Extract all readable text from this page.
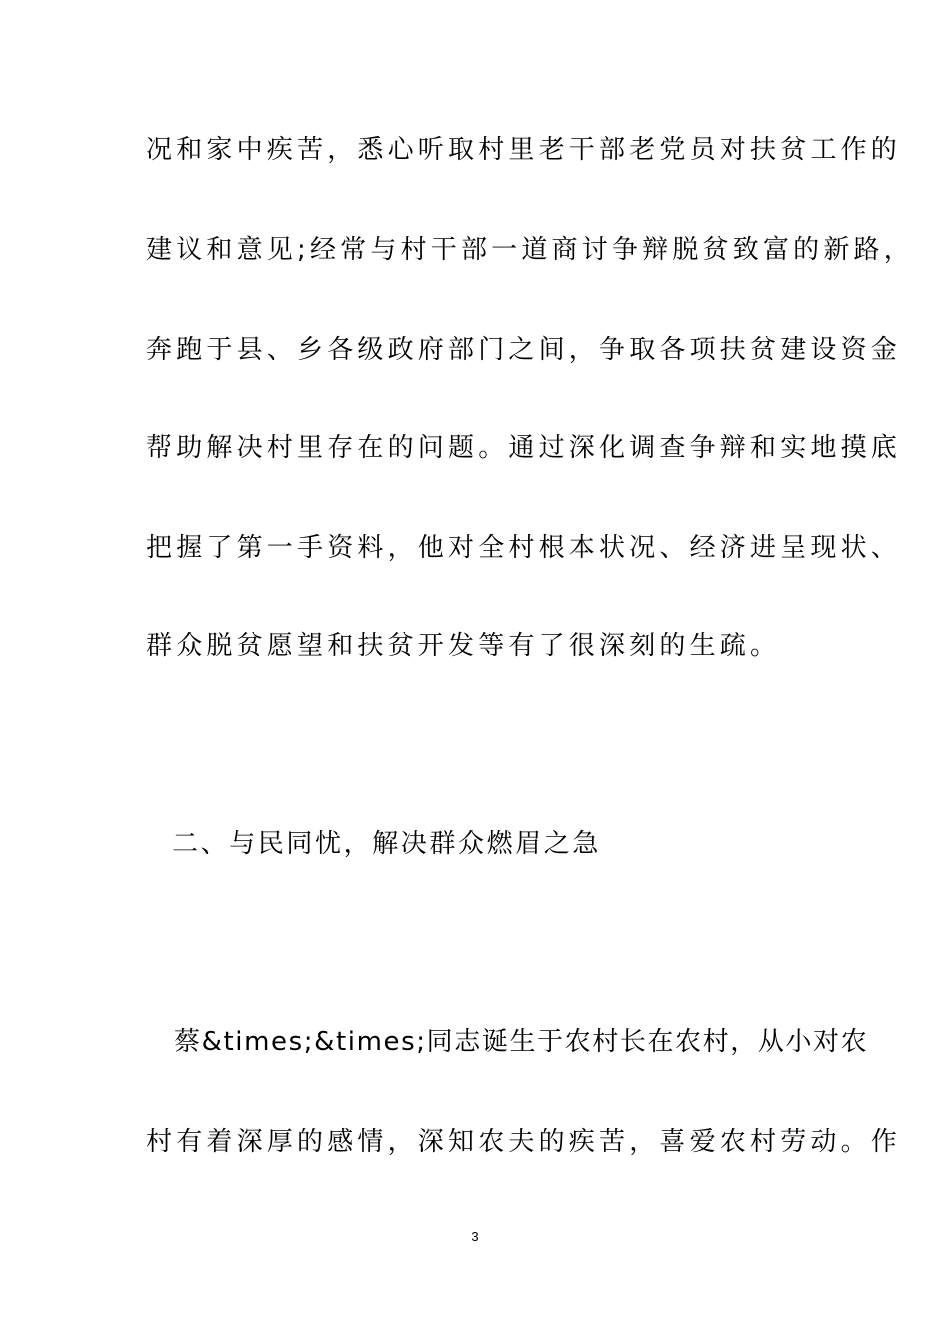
况和家中疾苦，悉心听取村里老干部老党员对扶贫工作的

建议和意见;经常与村干部一道商讨争辩脱贫致富的新路，

奔跑于县、乡各级政府部门之间，争取各项扶贫建设资金

帮助解决村里存在的问题。通过深化调查争辩和实地摸底

把握了第一手资料，他对全村根本状况、经济进呈现状、

群众脱贫愿望和扶贫开发等有了很深刻的生疏。

二、与民同忧，解决群众燃眉之急

蔡&times;&times;同志诞生于农村长在农村，从小对农

村有着深厚的感情，深知农夫的疾苦，喜爱农村劳动。作

3
